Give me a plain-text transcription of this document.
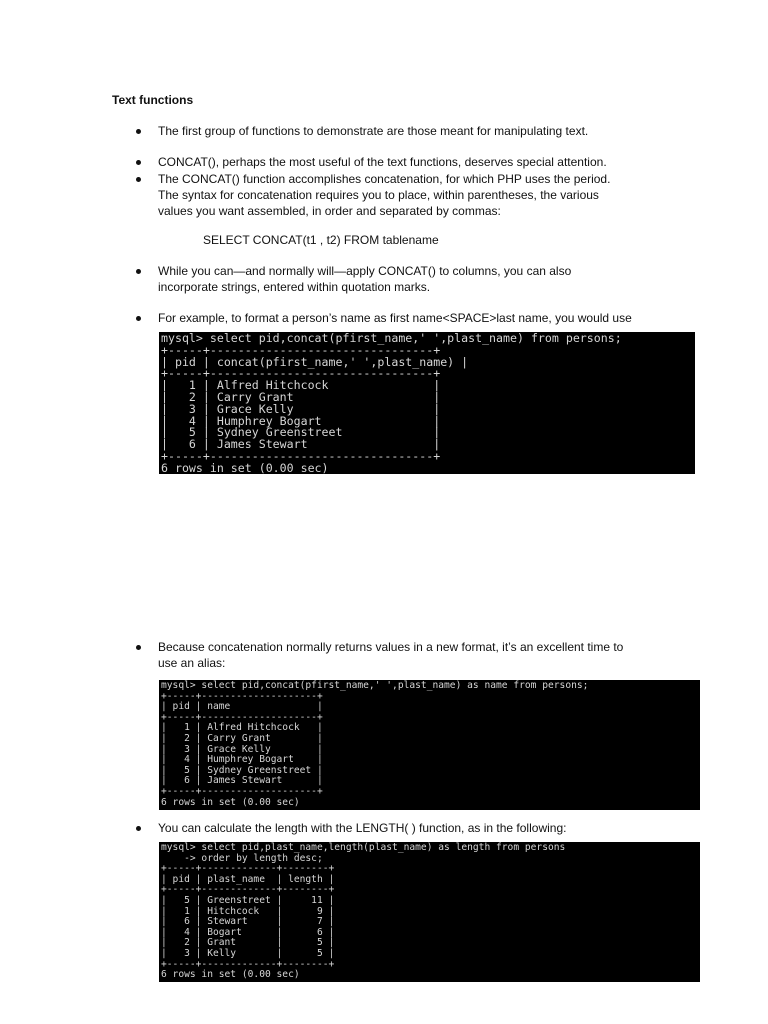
Text functions
The first group of functions to demonstrate are those meant for manipulating text.
CONCAT(), perhaps the most useful of the text functions, deserves special attention.
The CONCAT() function accomplishes concatenation, for which PHP uses the period.
The syntax for concatenation requires you to place, within parentheses, the various
values you want assembled, in order and separated by commas:
SELECT CONCAT(t1 , t2) FROM tablename
While you can—and normally will—apply CONCAT() to columns, you can also
incorporate strings, entered within quotation marks.
For example, to format a person’s name as first name<SPACE>last name, you would use
mysql> select pid,concat(pfirst_name,' ',plast_name) from persons;
+-----+--------------------------------+
| pid | concat(pfirst_name,' ',plast_name) |
+-----+--------------------------------+
|   1 | Alfred Hitchcock               |
|   2 | Carry Grant                    |
|   3 | Grace Kelly                    |
|   4 | Humphrey Bogart                |
|   5 | Sydney Greenstreet             |
|   6 | James Stewart                  |
+-----+--------------------------------+
6 rows in set (0.00 sec)
Because concatenation normally returns values in a new format, it’s an excellent time to
use an alias:
mysql> select pid,concat(pfirst_name,' ',plast_name) as name from persons;
+-----+--------------------+
| pid | name               |
+-----+--------------------+
|   1 | Alfred Hitchcock   |
|   2 | Carry Grant        |
|   3 | Grace Kelly        |
|   4 | Humphrey Bogart    |
|   5 | Sydney Greenstreet |
|   6 | James Stewart      |
+-----+--------------------+
6 rows in set (0.00 sec)
You can calculate the length with the LENGTH( ) function, as in the following:
mysql> select pid,plast_name,length(plast_name) as length from persons
-> order by length desc;
+-----+-------------+--------+
| pid | plast_name  | length |
+-----+-------------+--------+
|   5 | Greenstreet |     11 |
|   1 | Hitchcock   |      9 |
|   6 | Stewart     |      7 |
|   4 | Bogart      |      6 |
|   2 | Grant       |      5 |
|   3 | Kelly       |      5 |
+-----+-------------+--------+
6 rows in set (0.00 sec)
